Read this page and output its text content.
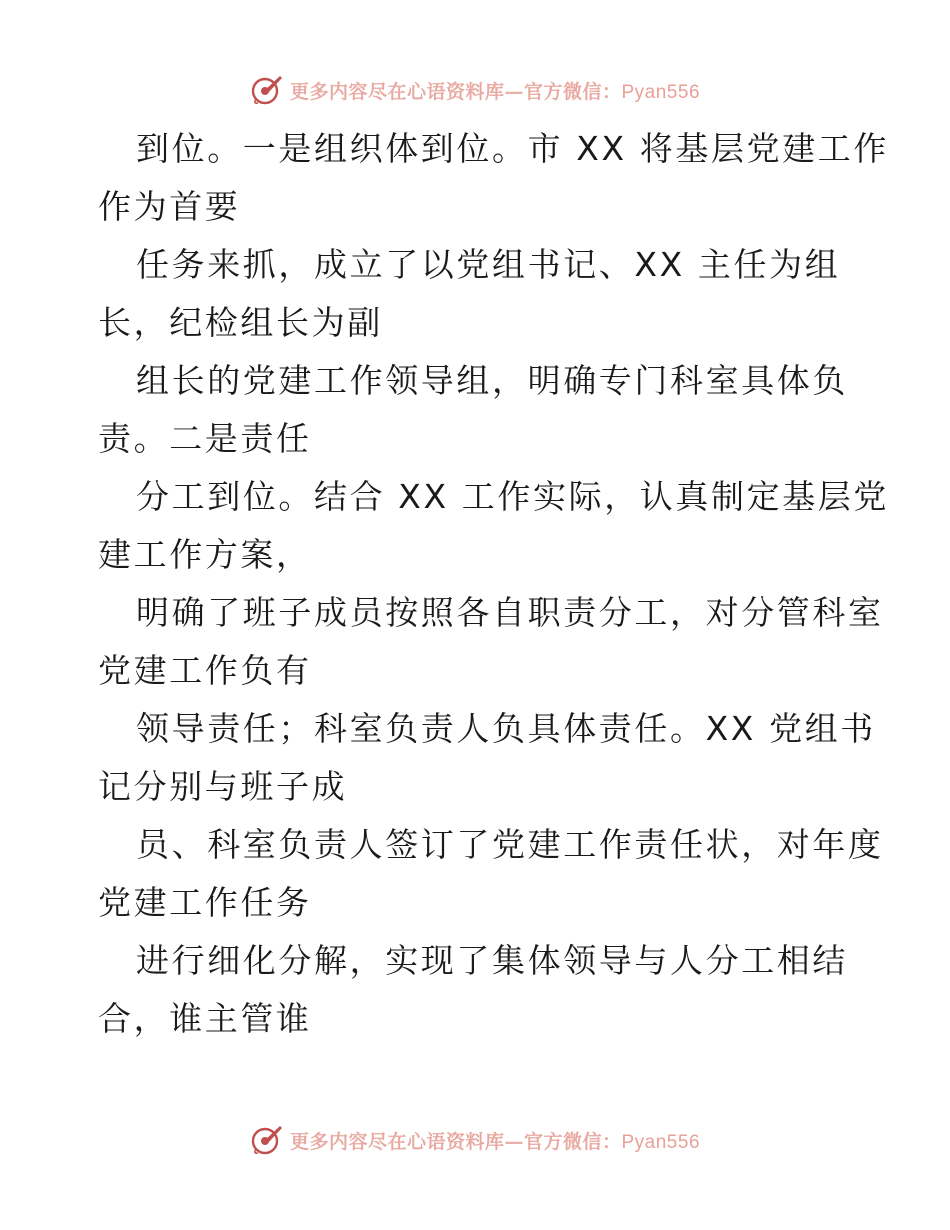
更多内容尽在心语资料库—官方微信：Pyan556
到位。一是组织体到位。市 XX 将基层党建工作
作为首要
任务来抓，成立了以党组书记、XX 主任为组
长，纪检组长为副
组长的党建工作领导组，明确专门科室具体负
责。二是责任
分工到位。结合 XX 工作实际，认真制定基层党
建工作方案，
明确了班子成员按照各自职责分工，对分管科室
党建工作负有
领导责任；科室负责人负具体责任。XX 党组书
记分别与班子成
员、科室负责人签订了党建工作责任状，对年度
党建工作任务
进行细化分解，实现了集体领导与人分工相结
合，谁主管谁
更多内容尽在心语资料库—官方微信：Pyan556
